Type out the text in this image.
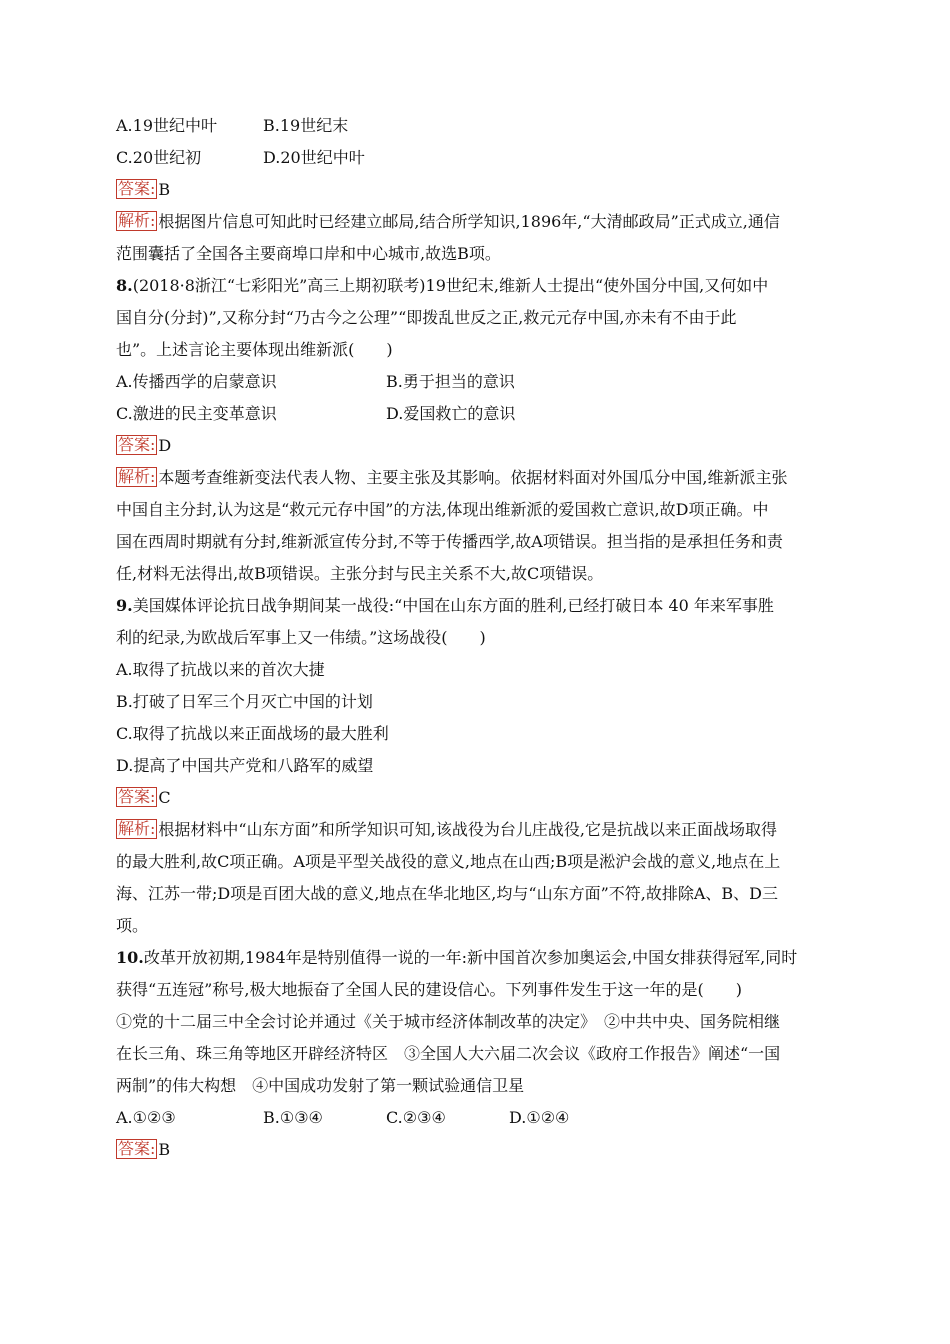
A.19世纪中叶	B.19世纪末
C.20世纪初	D.20世纪中叶
答案: B
解析: 根据图片信息可知此时已经建立邮局,结合所学知识,1896年,“大清邮政局”正式成立,通信
范围囊括了全国各主要商埠口岸和中心城市,故选B项。
8.(2018·8浙江“七彩阳光”高三上期初联考)19世纪末,维新人士提出“使外国分中国,又何如中
国自分(分封)”,又称分封“乃古今之公理”“即拨乱世反之正,救元元存中国,亦未有不由于此
也”。上述言论主要体现出维新派(　　)
A.传播西学的启蒙意识	B.勇于担当的意识
C.激进的民主变革意识	D.爱国救亡的意识
答案: D
解析: 本题考查维新变法代表人物、主要主张及其影响。依据材料面对外国瓜分中国,维新派主张
中国自主分封,认为这是“救元元存中国”的方法,体现出维新派的爱国救亡意识,故D项正确。中
国在西周时期就有分封,维新派宣传分封,不等于传播西学,故A项错误。担当指的是承担任务和责
任,材料无法得出,故B项错误。主张分封与民主关系不大,故C项错误。
9.美国媒体评论抗日战争期间某一战役:“中国在山东方面的胜利,已经打破日本 40 年来军事胜
利的纪录,为欧战后军事上又一伟绩。”这场战役(　　)
A.取得了抗战以来的首次大捷
B.打破了日军三个月灭亡中国的计划
C.取得了抗战以来正面战场的最大胜利
D.提高了中国共产党和八路军的威望
答案: C
解析: 根据材料中“山东方面”和所学知识可知,该战役为台儿庄战役,它是抗战以来正面战场取得
的最大胜利,故C项正确。A项是平型关战役的意义,地点在山西;B项是淞沪会战的意义,地点在上
海、江苏一带;D项是百团大战的意义,地点在华北地区,均与“山东方面”不符,故排除A、B、D三
项。
10.改革开放初期,1984年是特别值得一说的一年:新中国首次参加奥运会,中国女排获得冠军,同时
获得“五连冠”称号,极大地振奋了全国人民的建设信心。下列事件发生于这一年的是(　　)
①党的十二届三中全会讨论并通过《关于城市经济体制改革的决定》　②中共中央、国务院相继
在长三角、珠三角等地区开辟经济特区　③全国人大六届二次会议《政府工作报告》阐述“一国
两制”的伟大构想　④中国成功发射了第一颗试验通信卫星
A.①②③	B.①③④	C.②③④	D.①②④
答案: B
